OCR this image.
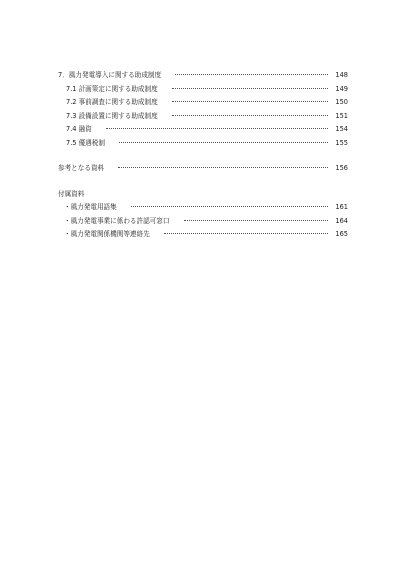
7．風力発電導入に関する助成制度	148
7.1 計画策定に関する助成制度	149
7.2 事前調査に関する助成制度	150
7.3 設備設置に関する助成制度	151
7.4 融資	154
7.5 優遇税制	155
参考となる資料	156
付属資料
・風力発電用語集	161
・風力発電事業に係わる許認可窓口	164
・風力発電関係機関等連絡先	165
